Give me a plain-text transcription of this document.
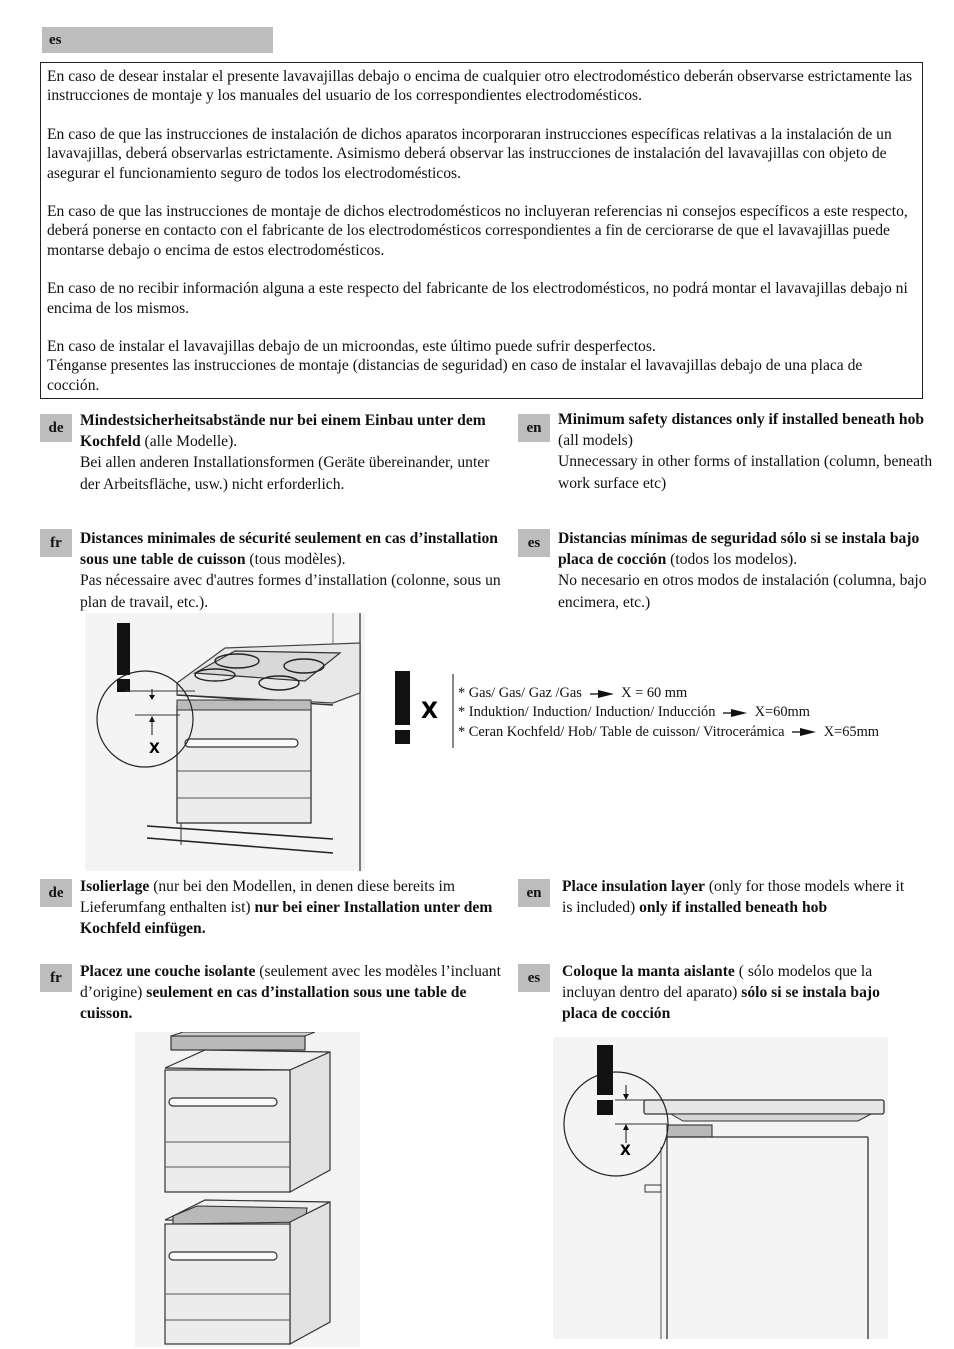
es

En caso de desear instalar el presente lavavajillas debajo o encima de cualquier otro electrodoméstico deberán observarse estrictamente las instrucciones de montaje y los manuales del usuario de los correspondientes electrodomésticos.

En caso de que las instrucciones de instalación de dichos aparatos incorporaran instrucciones específicas relativas a la instalación de un lavavajillas, deberá observarlas estrictamente. Asimismo deberá observar las instrucciones de instalación del lavavajillas con objeto de asegurar el funcionamiento seguro de todos los electrodomésticos.

En caso de que las instrucciones de montaje de dichos electrodomésticos no incluyeran referencias ni consejos específicos a este respecto, deberá ponerse en contacto con el fabricante de los electrodomésticos correspondientes a fin de cerciorarse de que el lavavajillas puede montarse debajo o encima de estos electrodomésticos.

En caso de no recibir información alguna a este respecto del fabricante de los electrodomésticos, no podrá montar el lavavajillas debajo ni encima de los mismos.

En caso de instalar el lavavajillas debajo de un microondas, este último puede sufrir desperfectos.
Ténganse presentes las instrucciones de montaje (distancias de seguridad) en caso de instalar el lavavajillas debajo de una placa de cocción.

de	Mindestsicherheitsabstände nur bei einem Einbau unter dem Kochfeld (alle Modelle).
Bei allen anderen Installationsformen (Geräte übereinander, unter der Arbeitsfläche, usw.) nicht erforderlich.
en	Minimum safety distances only if installed beneath hob (all models)
Unnecessary in other forms of installation (column, beneath work surface etc)
fr	Distances minimales de sécurité seulement en cas d’installation sous une table de cuisson (tous modèles).
Pas nécessaire avec d'autres formes d’installation (colonne, sous un plan de travail, etc.).
es	Distancias mínimas de seguridad sólo si se instala bajo placa de cocción (todos los modelos).
No necesario en otros modos de instalación (columna, bajo encimera, etc.)
X
X
* Gas/ Gas/ Gaz /Gas	X = 60 mm
* Induktion/ Induction/ Induction/ Inducción	X=60mm
* Ceran Kochfeld/ Hob/ Table de cuisson/ Vitrocerámica	X=65mm
de	Isolierlage (nur bei den Modellen, in denen diese bereits im Lieferumfang enthalten ist) nur bei einer Installation unter dem Kochfeld einfügen.
en	Place insulation layer (only for those models where it is included) only if installed beneath hob
fr	Placez une couche isolante (seulement avec les modèles l’incluant d’origine) seulement en cas d’installation sous une table de cuisson.
es	Coloque la manta aislante ( sólo modelos que la incluyan dentro del aparato) sólo si se instala bajo placa de cocción
X
